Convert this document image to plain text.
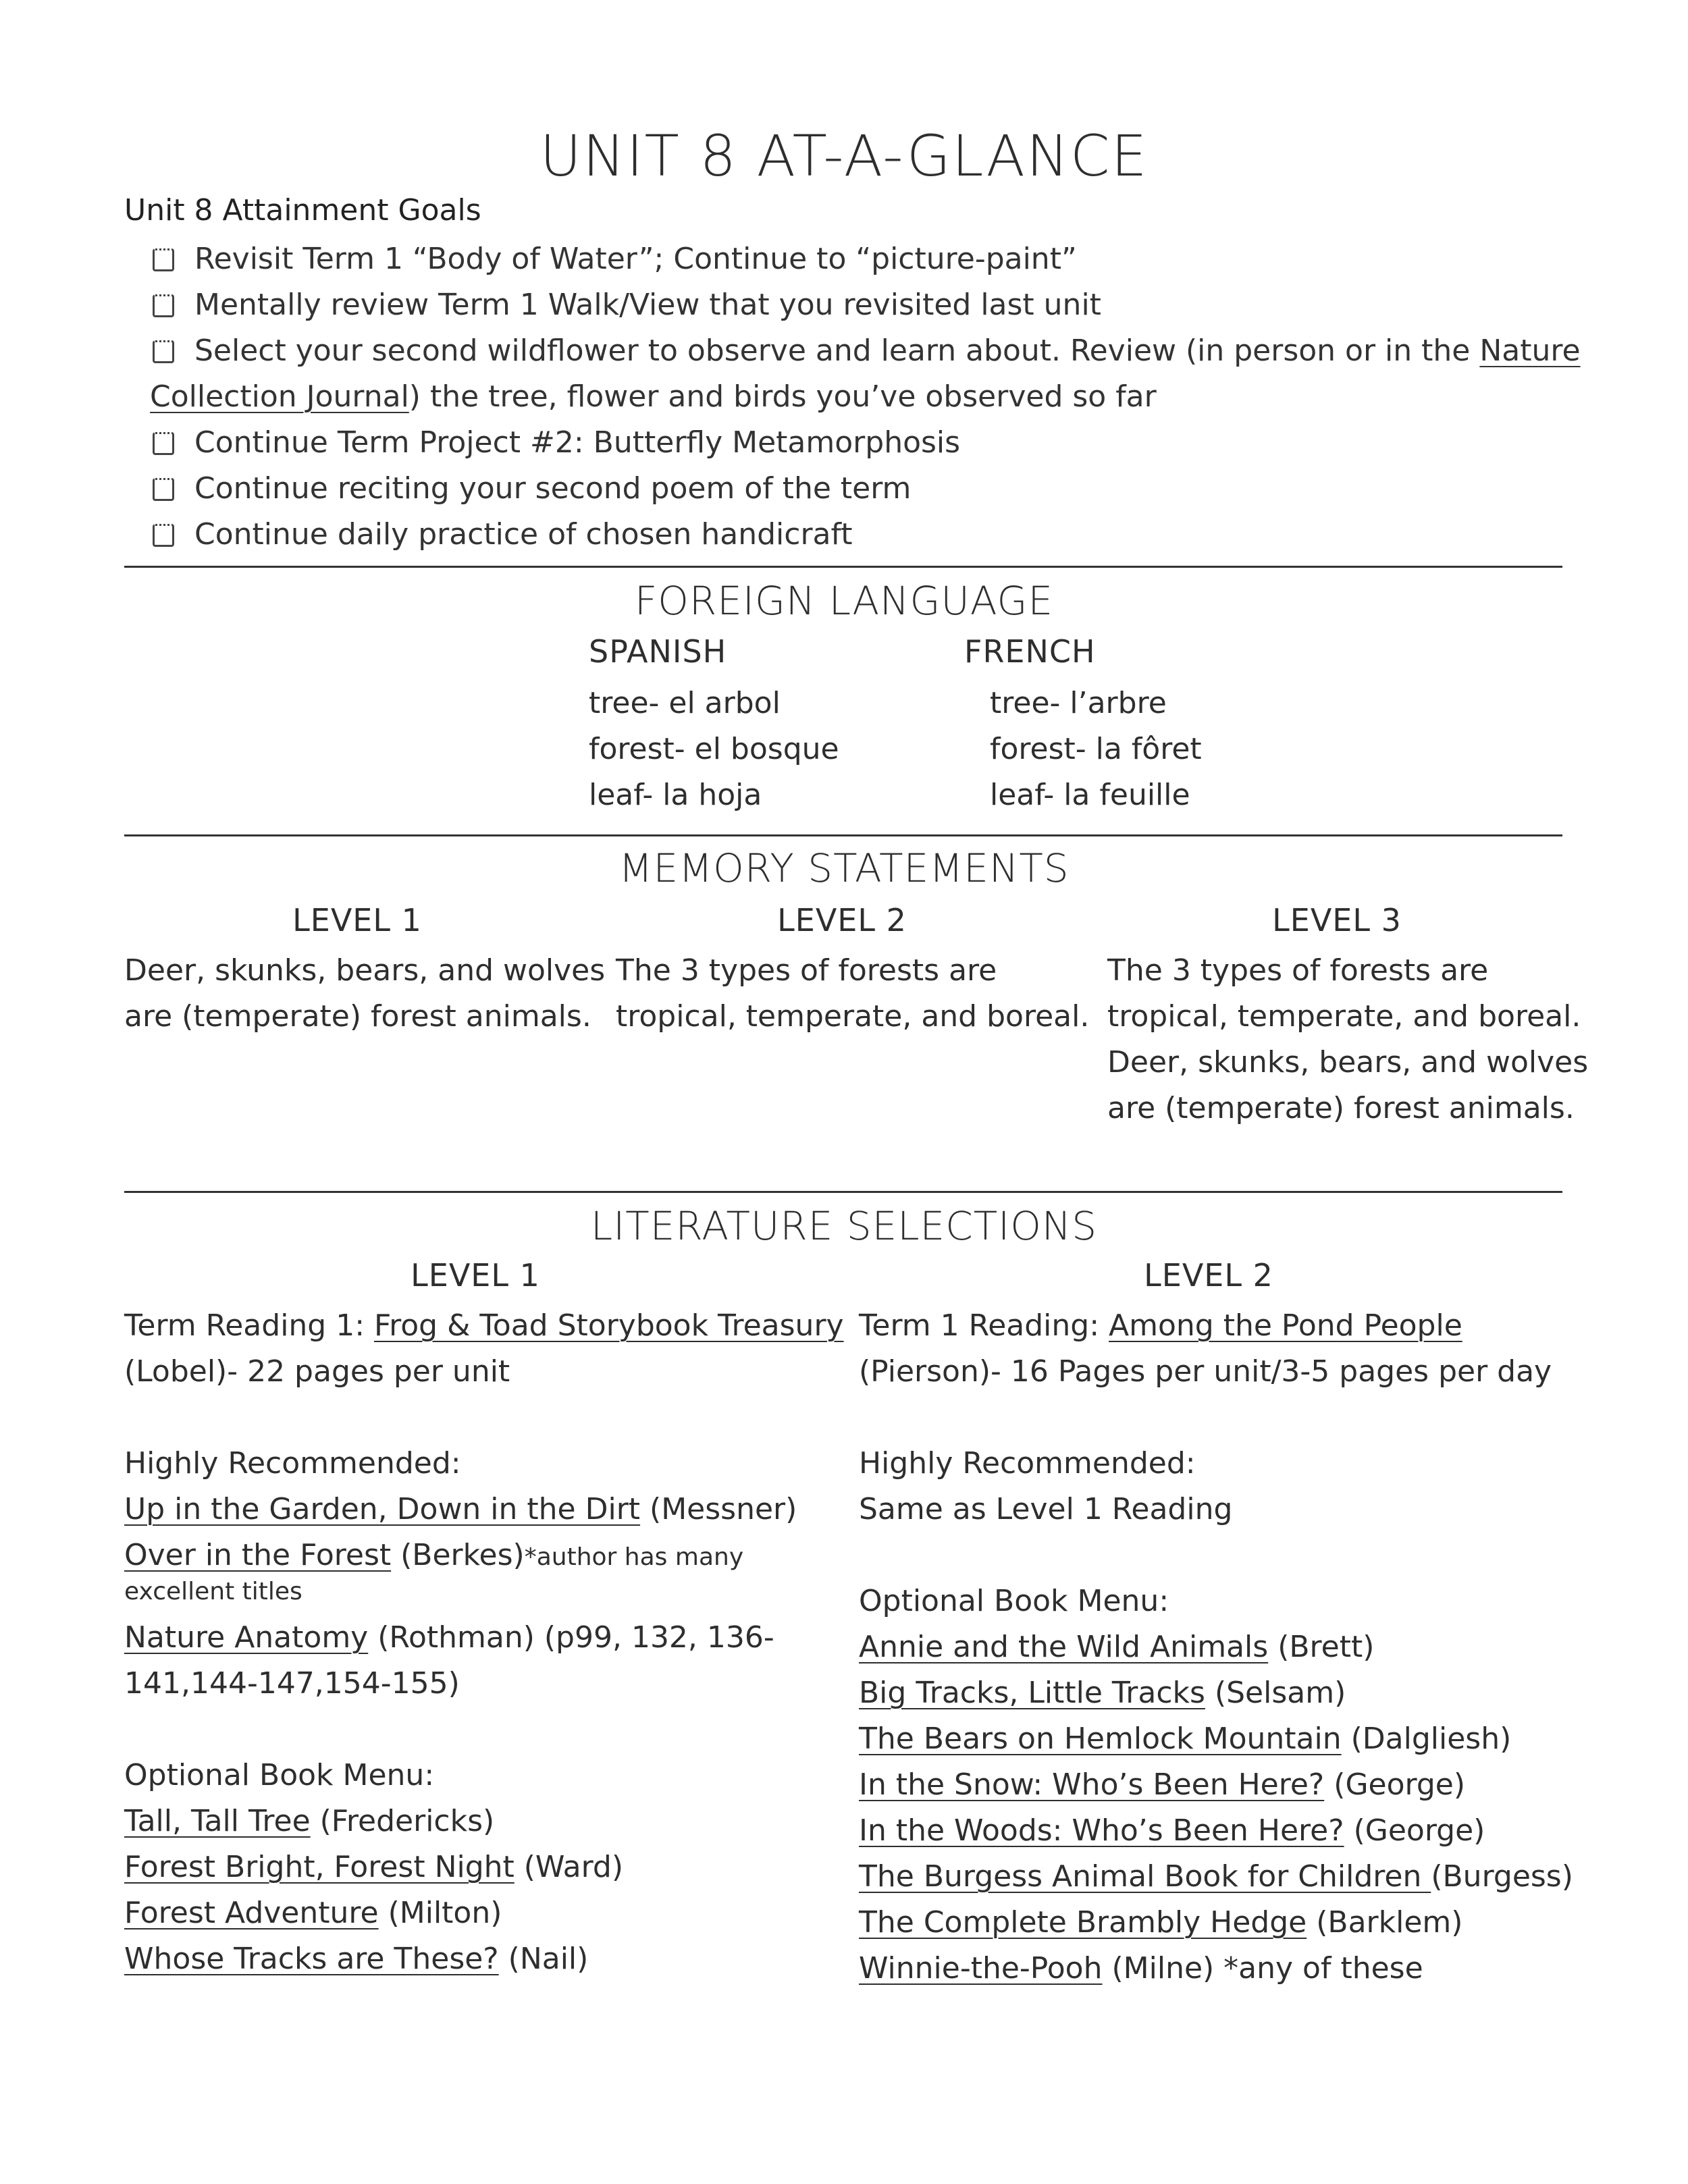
UNIT 8 AT-A-GLANCE
Unit 8 Attainment Goals
Revisit Term 1 “Body of Water”; Continue to “picture-paint”
Mentally review Term 1 Walk/View that you revisited last unit
Select your second wildflower to observe and learn about. Review (in person or in the Nature
Collection Journal) the tree, flower and birds you’ve observed so far
Continue Term Project #2: Butterfly Metamorphosis
Continue reciting your second poem of the term
Continue daily practice of chosen handicraft
FOREIGN LANGUAGE
SPANISH
tree- el arbol
forest- el bosque
leaf- la hoja
FRENCH
tree- l’arbre
forest- la fôret
leaf- la feuille
MEMORY STATEMENTS
LEVEL 1
Deer, skunks, bears, and wolves
are (temperate) forest animals.
LEVEL 2
The 3 types of forests are
tropical, temperate, and boreal.
LEVEL 3
The 3 types of forests are
tropical, temperate, and boreal.
Deer, skunks, bears, and wolves
are (temperate) forest animals.
LITERATURE SELECTIONS
LEVEL 1
Term Reading 1: Frog & Toad Storybook Treasury
(Lobel)- 22 pages per unit
Highly Recommended:
Up in the Garden, Down in the Dirt (Messner)
Over in the Forest (Berkes)*author has many
excellent titles
Nature Anatomy (Rothman) (p99, 132, 136-
141,144-147,154-155)
Optional Book Menu:
Tall, Tall Tree (Fredericks)
Forest Bright, Forest Night (Ward)
Forest Adventure (Milton)
Whose Tracks are These? (Nail)
LEVEL 2
Term 1 Reading: Among the Pond People
(Pierson)- 16 Pages per unit/3-5 pages per day
Highly Recommended:
Same as Level 1 Reading
Optional Book Menu:
Annie and the Wild Animals (Brett)
Big Tracks, Little Tracks (Selsam)
The Bears on Hemlock Mountain (Dalgliesh)
In the Snow: Who’s Been Here? (George)
In the Woods: Who’s Been Here? (George)
The Burgess Animal Book for Children (Burgess)
The Complete Brambly Hedge (Barklem)
Winnie-the-Pooh (Milne) *any of these
